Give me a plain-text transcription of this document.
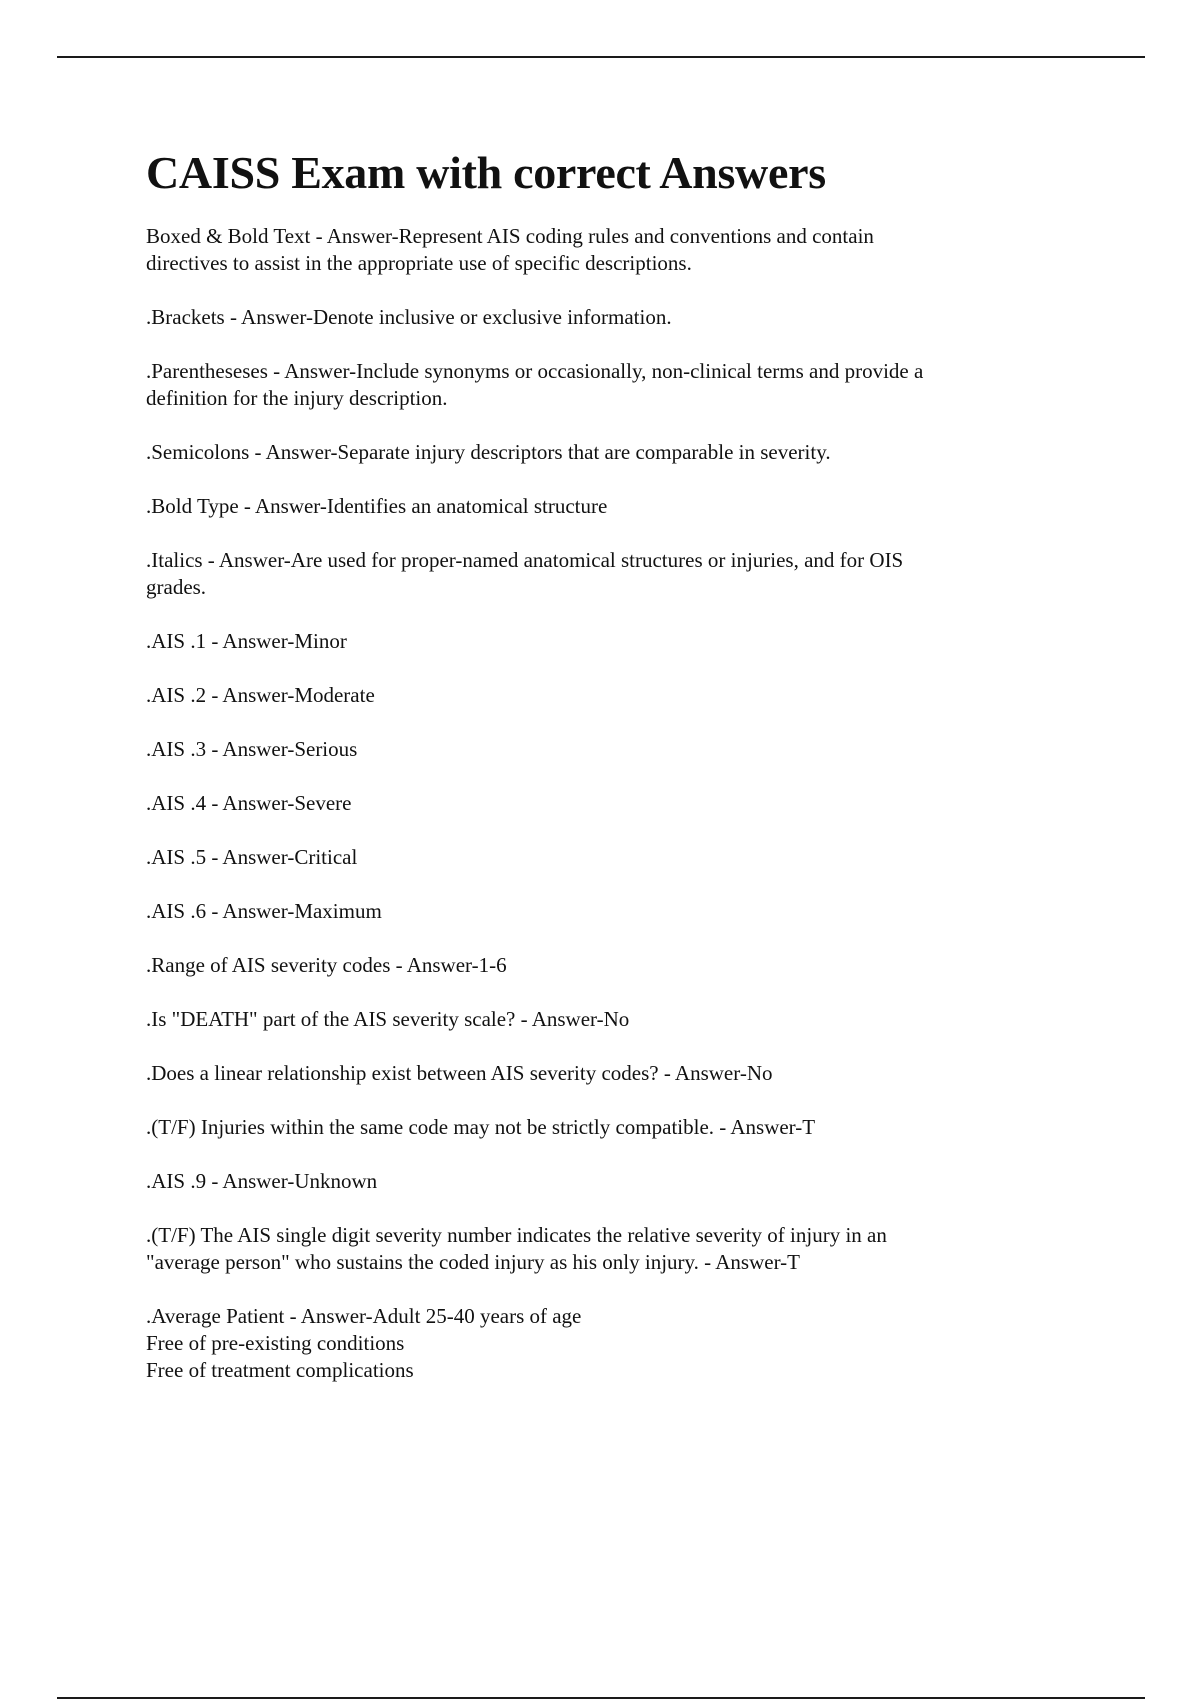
CAISS Exam with correct Answers

Boxed & Bold Text - Answer-Represent AIS coding rules and conventions and contain
directives to assist in the appropriate use of specific descriptions.

.Brackets - Answer-Denote inclusive or exclusive information.

.Parentheseses - Answer-Include synonyms or occasionally, non-clinical terms and provide a
definition for the injury description.

.Semicolons - Answer-Separate injury descriptors that are comparable in severity.

.Bold Type - Answer-Identifies an anatomical structure

.Italics - Answer-Are used for proper-named anatomical structures or injuries, and for OIS
grades.

.AIS .1 - Answer-Minor

.AIS .2 - Answer-Moderate

.AIS .3 - Answer-Serious

.AIS .4 - Answer-Severe

.AIS .5 - Answer-Critical

.AIS .6 - Answer-Maximum

.Range of AIS severity codes - Answer-1-6

.Is "DEATH" part of the AIS severity scale? - Answer-No

.Does a linear relationship exist between AIS severity codes? - Answer-No

.(T/F) Injuries within the same code may not be strictly compatible. - Answer-T

.AIS .9 - Answer-Unknown

.(T/F) The AIS single digit severity number indicates the relative severity of injury in an
"average person" who sustains the coded injury as his only injury. - Answer-T

.Average Patient - Answer-Adult 25-40 years of age
Free of pre-existing conditions
Free of treatment complications
